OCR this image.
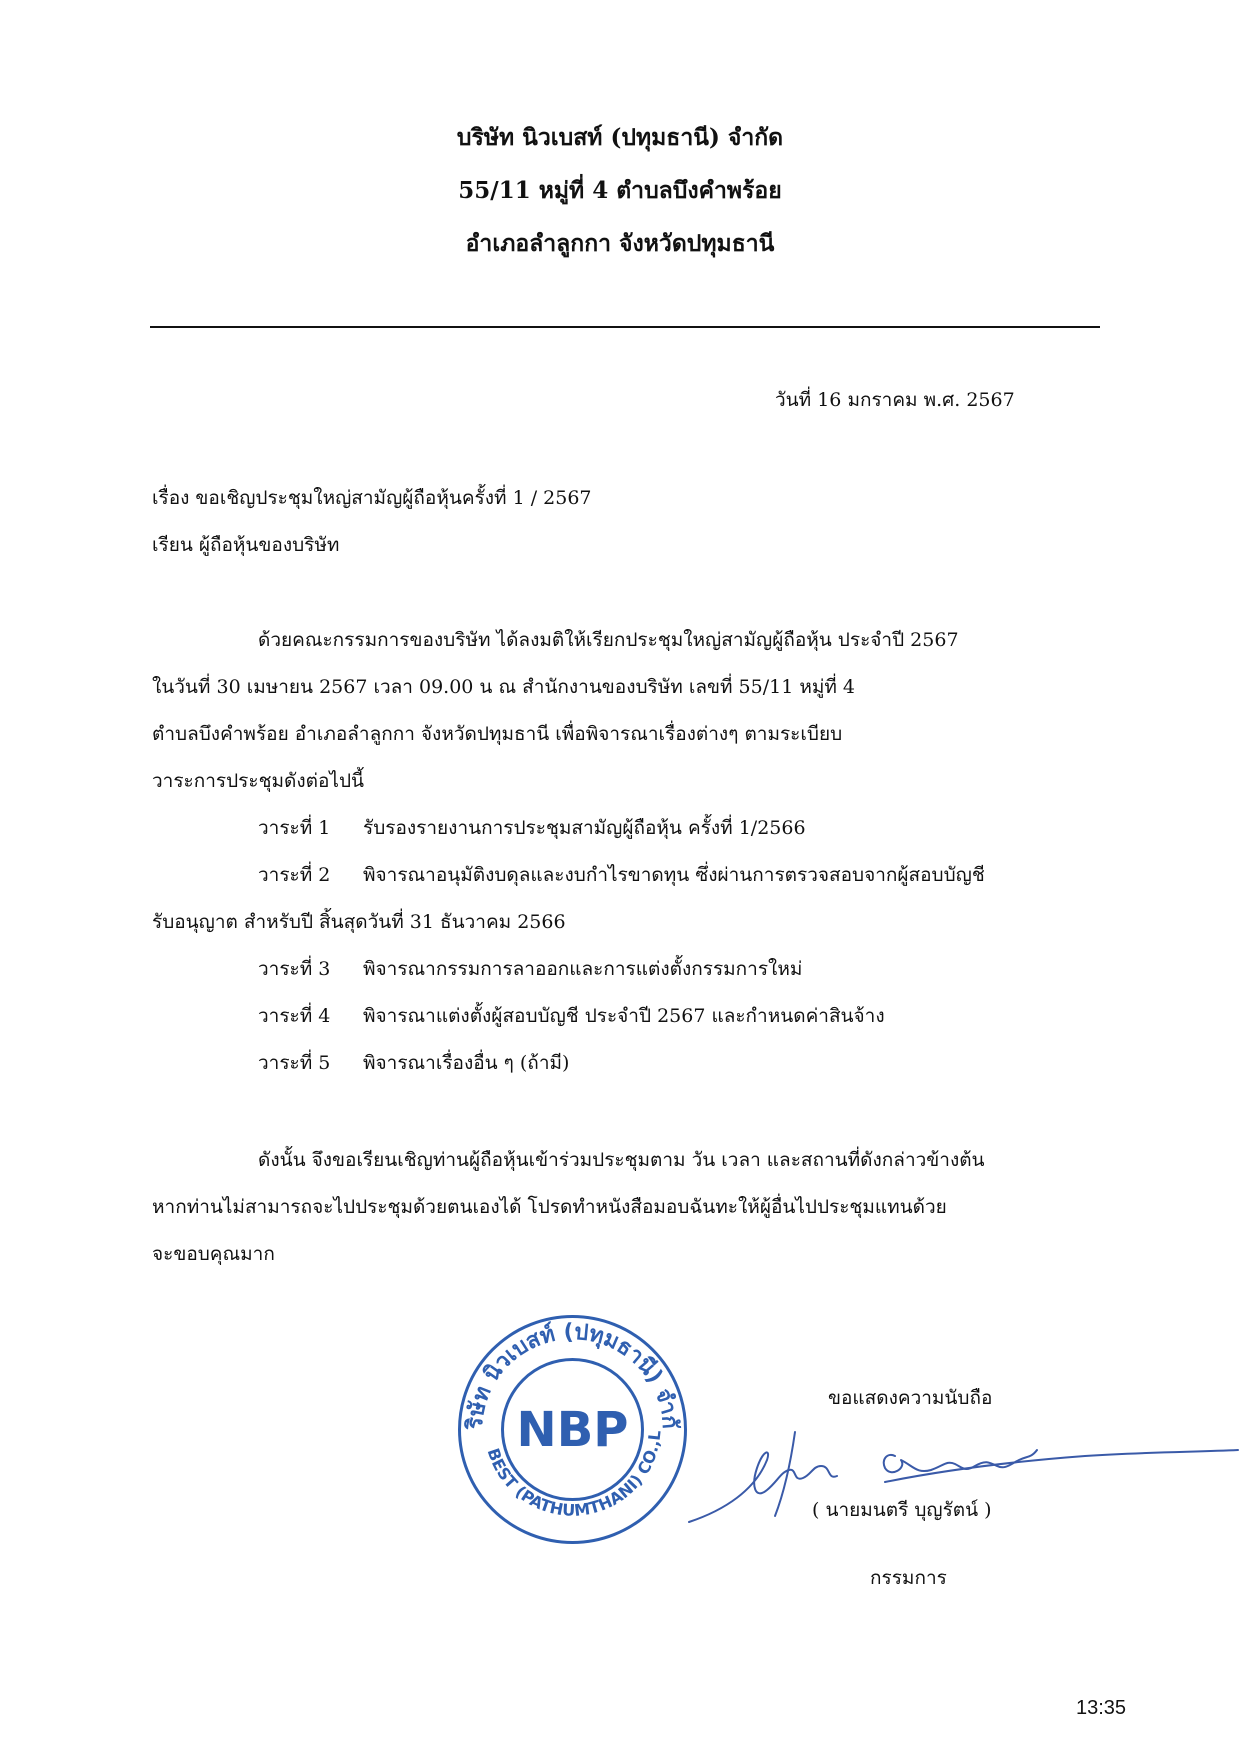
บริษัท นิวเบสท์ (ปทุมธานี) จำกัด
55/11 หมู่ที่ 4 ตำบลบึงคำพร้อย
อำเภอลำลูกกา จังหวัดปทุมธานี
วันที่ 16 มกราคม พ.ศ. 2567
เรื่อง ขอเชิญประชุมใหญ่สามัญผู้ถือหุ้นครั้งที่ 1 / 2567
เรียน ผู้ถือหุ้นของบริษัท
ด้วยคณะกรรมการของบริษัท ได้ลงมติให้เรียกประชุมใหญ่สามัญผู้ถือหุ้น ประจำปี 2567
ในวันที่ 30 เมษายน 2567 เวลา 09.00 น ณ สำนักงานของบริษัท เลขที่ 55/11 หมู่ที่ 4
ตำบลบึงคำพร้อย อำเภอลำลูกกา จังหวัดปทุมธานี เพื่อพิจารณาเรื่องต่างๆ ตามระเบียบ
วาระการประชุมดังต่อไปนี้
วาระที่ 1 รับรองรายงานการประชุมสามัญผู้ถือหุ้น ครั้งที่ 1/2566
วาระที่ 2 พิจารณาอนุมัติงบดุลและงบกำไรขาดทุน ซึ่งผ่านการตรวจสอบจากผู้สอบบัญชี
รับอนุญาต สำหรับปี สิ้นสุดวันที่ 31 ธันวาคม 2566
วาระที่ 3 พิจารณากรรมการลาออกและการแต่งตั้งกรรมการใหม่
วาระที่ 4 พิจารณาแต่งตั้งผู้สอบบัญชี ประจำปี 2567 และกำหนดค่าสินจ้าง
วาระที่ 5 พิจารณาเรื่องอื่น ๆ (ถ้ามี)
ดังนั้น จึงขอเรียนเชิญท่านผู้ถือหุ้นเข้าร่วมประชุมตาม วัน เวลา และสถานที่ดังกล่าวข้างต้น
หากท่านไม่สามารถจะไปประชุมด้วยตนเองได้ โปรดทำหนังสือมอบฉันทะให้ผู้อื่นไปประชุมแทนด้วย
จะขอบคุณมาก
ขอแสดงความนับถือ
ริษัท นิวเบสท์ (ปทุมธานี) จำกั
BEST (PATHUMTHANI) CO.,L
NBP
( นายมนตรี บุญรัตน์ )
กรรมการ
13:35
